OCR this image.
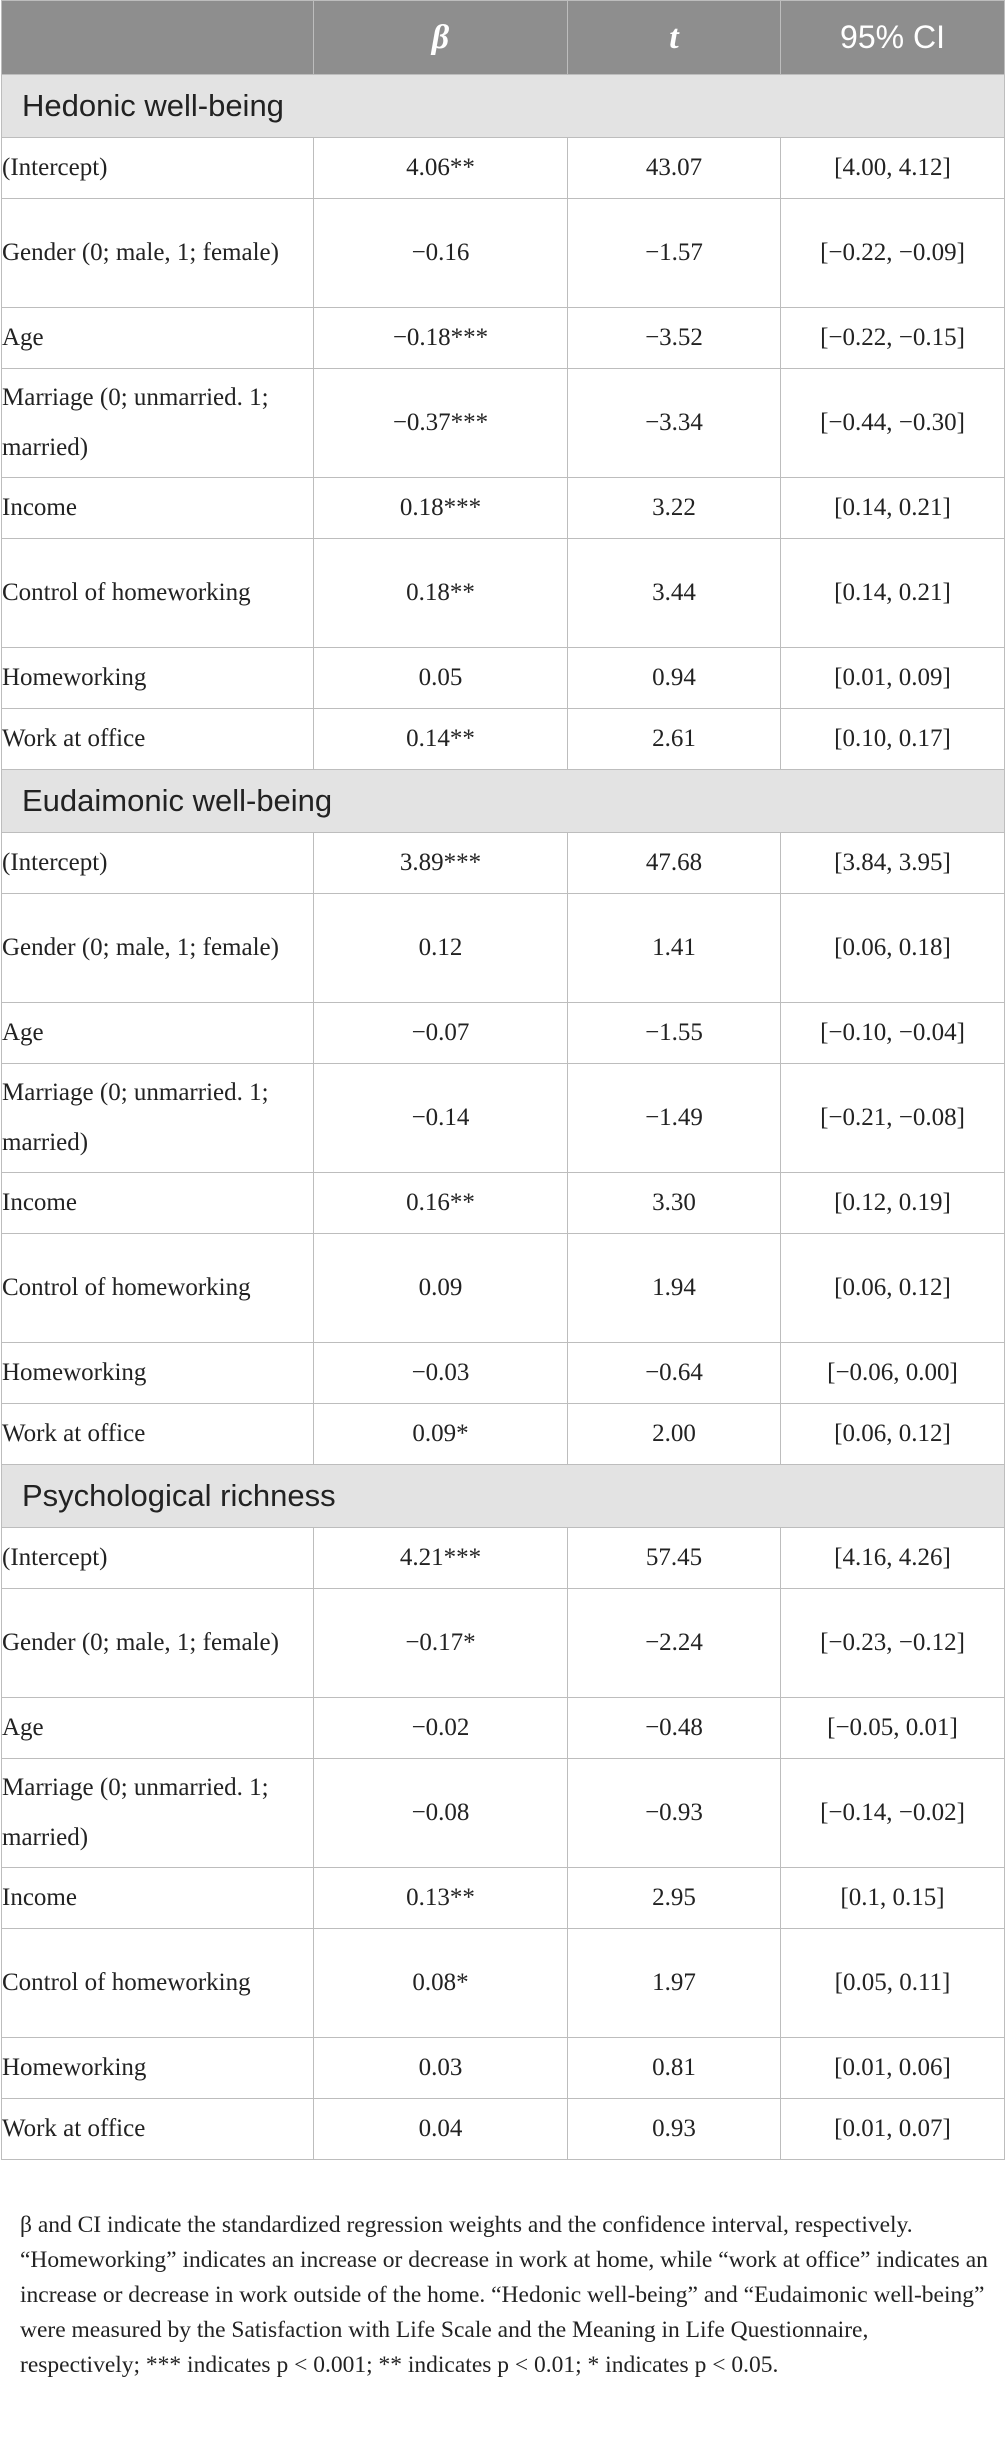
	β	t	95% CI
Hedonic well-being			
(Intercept)	4.06**	43.07	[4.00, 4.12]
Gender (0; male, 1; female)	−0.16	−1.57	[−0.22, −0.09]
Age	−0.18***	−3.52	[−0.22, −0.15]
Marriage (0; unmarried. 1; married)	−0.37***	−3.34	[−0.44, −0.30]
Income	0.18***	3.22	[0.14, 0.21]
Control of homeworking	0.18**	3.44	[0.14, 0.21]
Homeworking	0.05	0.94	[0.01, 0.09]
Work at office	0.14**	2.61	[0.10, 0.17]
Eudaimonic well-being			
(Intercept)	3.89***	47.68	[3.84, 3.95]
Gender (0; male, 1; female)	0.12	1.41	[0.06, 0.18]
Age	−0.07	−1.55	[−0.10, −0.04]
Marriage (0; unmarried. 1; married)	−0.14	−1.49	[−0.21, −0.08]
Income	0.16**	3.30	[0.12, 0.19]
Control of homeworking	0.09	1.94	[0.06, 0.12]
Homeworking	−0.03	−0.64	[−0.06, 0.00]
Work at office	0.09*	2.00	[0.06, 0.12]
Psychological richness			
(Intercept)	4.21***	57.45	[4.16, 4.26]
Gender (0; male, 1; female)	−0.17*	−2.24	[−0.23, −0.12]
Age	−0.02	−0.48	[−0.05, 0.01]
Marriage (0; unmarried. 1; married)	−0.08	−0.93	[−0.14, −0.02]
Income	0.13**	2.95	[0.1, 0.15]
Control of homeworking	0.08*	1.97	[0.05, 0.11]
Homeworking	0.03	0.81	[0.01, 0.06]
Work at office	0.04	0.93	[0.01, 0.07]
β and CI indicate the standardized regression weights and the confidence interval, respectively. “Homeworking” indicates an increase or decrease in work at home, while “work at office” indicates an increase or decrease in work outside of the home. “Hedonic well-being” and “Eudaimonic well-being” were measured by the Satisfaction with Life Scale and the Meaning in Life Questionnaire, respectively; *** indicates p < 0.001; ** indicates p < 0.01; * indicates p < 0.05.
